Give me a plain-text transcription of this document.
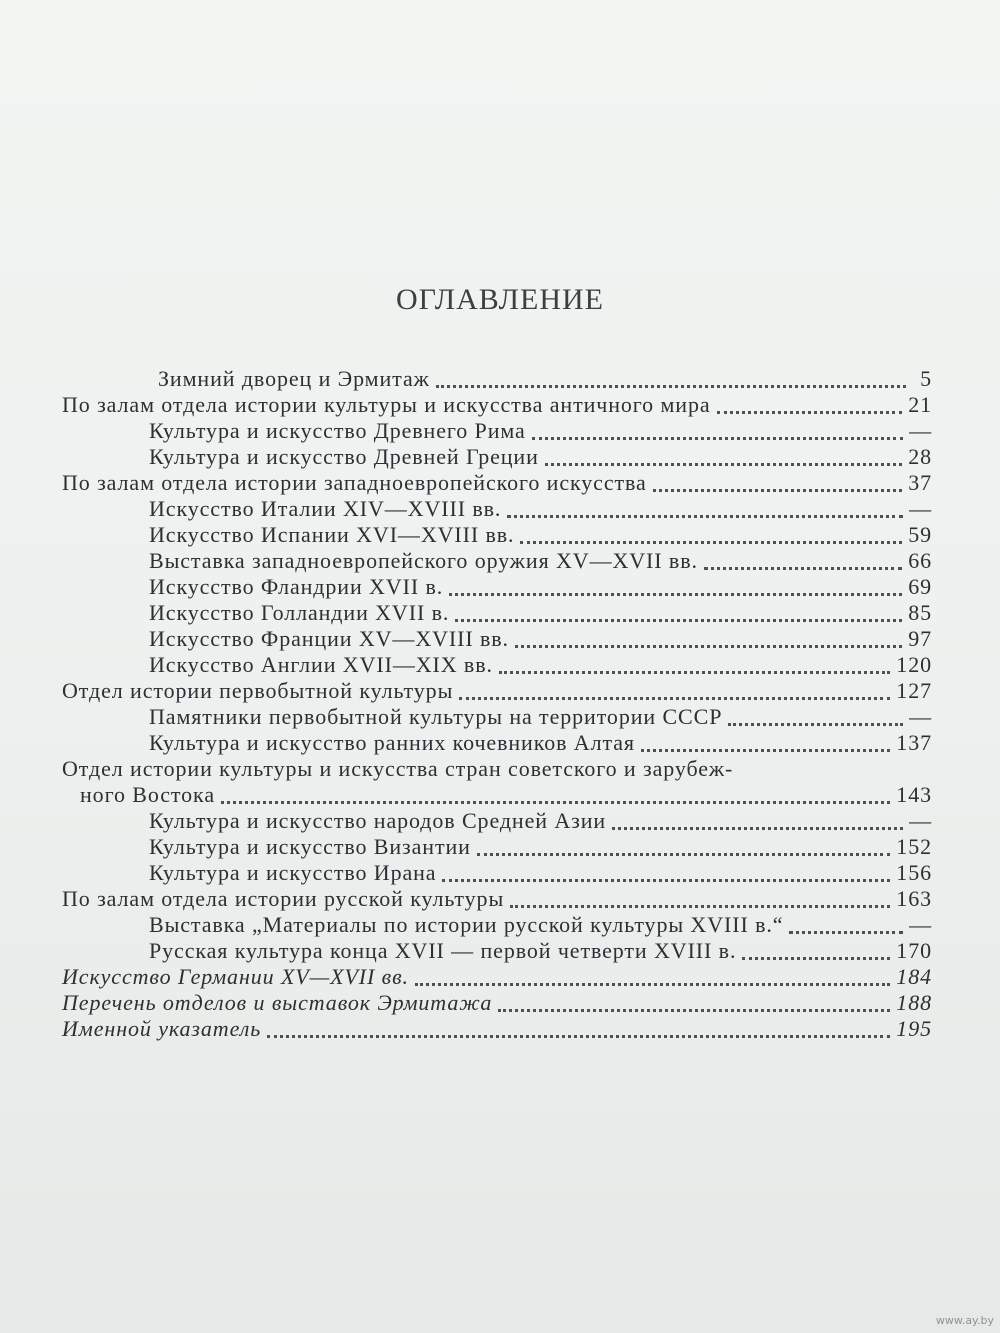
ОГЛАВЛЕНИЕ
Зимний дворец и Эрмитаж	5
По залам отдела истории культуры и искусства античного мира	21
Культура и искусство Древнего Рима	—
Культура и искусство Древней Греции	28
По залам отдела истории западноевропейского искусства	37
Искусство Италии XIV—XVIII вв.	—
Искусство Испании XVI—XVIII вв.	59
Выставка западноевропейского оружия XV—XVII вв.	66
Искусство Фландрии XVII в.	69
Искусство Голландии XVII в.	85
Искусство Франции XV—XVIII вв.	97
Искусство Англии XVII—XIX вв.	120
Отдел истории первобытной культуры	127
Памятники первобытной культуры на территории СССР	—
Культура и искусство ранних кочевников Алтая	137
Отдел истории культуры и искусства стран советского и зарубеж-
ного Востока	143
Культура и искусство народов Средней Азии	—
Культура и искусство Византии	152
Культура и искусство Ирана	156
По залам отдела истории русской культуры	163
Выставка „Материалы по истории русской культуры XVIII в.“	—
Русская культура конца XVII — первой четверти XVIII в.	170
Искусство Германии XV—XVII вв.	184
Перечень отделов и выставок Эрмитажа	188
Именной указатель	195
www.ay.by
